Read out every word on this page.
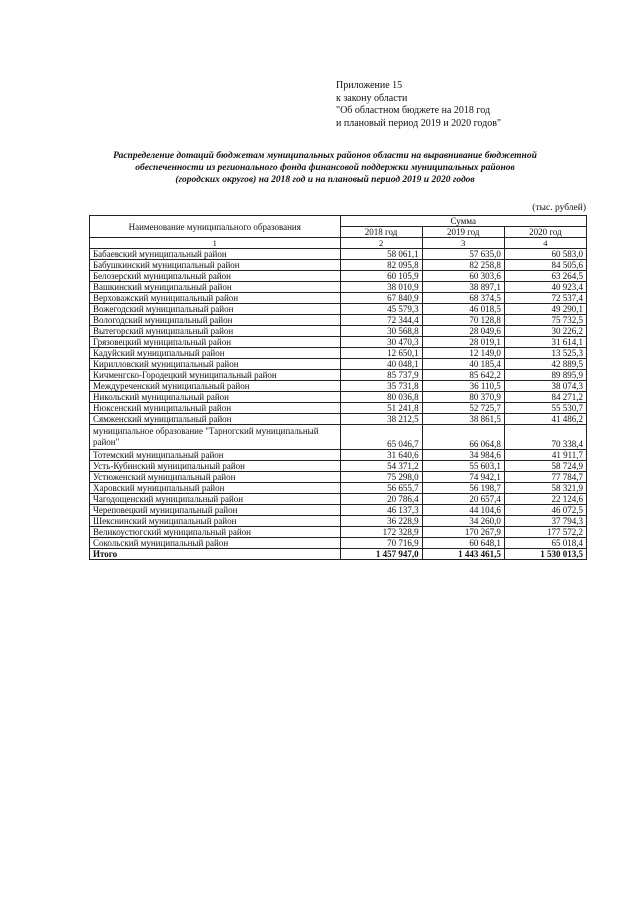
Приложение 15
к закону области
"Об областном бюджете на 2018 год
и плановый период 2019 и 2020 годов"
Распределение дотаций бюджетам муниципальных районов области на выравнивание бюджетной
обеспеченности из регионального фонда финансовой поддержки муниципальных районов
(городских округов) на 2018 год и на плановый период 2019 и 2020 годов
(тыс. рублей)
Наименование муниципального образования	Сумма		
	2018 год	2019 год	2020 год
1	2	3	4
Бабаевский муниципальный район	58 061,1	57 635,0	60 583,0
Бабушкинский муниципальный район	82 095,8	82 258,8	84 505,6
Белозерский муниципальный район	60 105,9	60 303,6	63 264,5
Вашкинский муниципальный район	38 010,9	38 897,1	40 923,4
Верховажский муниципальный район	67 840,9	68 374,5	72 537,4
Вожегодский муниципальный район	45 579,3	46 018,5	49 290,1
Вологодский муниципальный район	72 344,4	70 128,8	75 732,5
Вытегорский муниципальный район	30 568,8	28 049,6	30 226,2
Грязовецкий муниципальный район	30 470,3	28 019,1	31 614,1
Кадуйский муниципальный район	12 650,1	12 149,0	13 525,3
Кирилловский муниципальный район	40 048,1	40 185,4	42 889,5
Кичменгско-Городецкий муниципальный район	85 737,9	85 642,2	89 895,9
Междуреченский муниципальный район	35 731,8	36 110,5	38 074,3
Никольский муниципальный район	80 036,8	80 370,9	84 271,2
Нюксенский муниципальный район	51 241,8	52 725,7	55 530,7
Сямженский муниципальный район	38 212,5	38 861,5	41 486,2
муниципальное образование "Тарногский муниципальный район"	65 046,7	66 064,8	70 338,4
Тотемский муниципальный район	31 640,6	34 984,6	41 911,7
Усть-Кубинский муниципальный район	54 371,2	55 603,1	58 724,9
Устюженский муниципальный район	75 298,0	74 942,1	77 784,7
Харовский муниципальный район	56 655,7	56 198,7	58 321,9
Чагодощенский муниципальный район	20 786,4	20 657,4	22 124,6
Череповецкий муниципальный район	46 137,3	44 104,6	46 072,5
Шекснинский муниципальный район	36 228,9	34 260,0	37 794,3
Великоустюгский муниципальный район	172 328,9	170 267,9	177 572,2
Сокольский муниципальный район	70 716,9	60 648,1	65 018,4
Итого	1 457 947,0	1 443 461,5	1 530 013,5
